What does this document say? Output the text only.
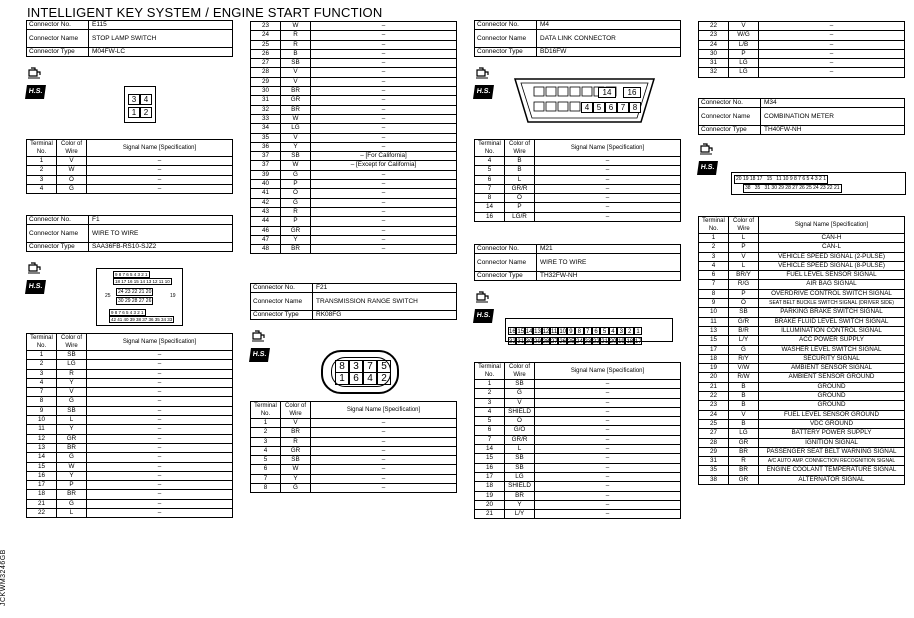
INTELLIGENT KEY SYSTEM / ENGINE START FUNCTION
JCKWM3246GB
Connector No.	E115
Connector Name	STOP LAMP SWITCH
Connector Type	M04FW-LC
H.S.
3 4
1 2
Terminal No.	Color of Wire	Signal Name [Specification]
1	V	–
2	W	–
3	O	–
4	G	–
Connector No.	F1
Connector Name	WIRE TO WIRE
Connector Type	SAA36FB-RS10-SJZ2
H.S.
9 8 7 6 5 4 3 2 1
18 17 16 15 14 13 12 11 10
25
24 23 22 21 20
30 29 28 27 26
19
9 8 7 6 5 4 3 2 1
42 41 40 39 38 37 36 35 34 33
Terminal No.	Color of Wire	Signal Name [Specification]
1	SB	–
2	LG	–
3	R	–
4	Y	–
7	V	–
8	G	–
9	SB	–
10	L	–
11	Y	–
12	GR	–
13	BR	–
14	G	–
15	W	–
16	Y	–
17	P	–
18	BR	–
21	G	–
22	L	–
23	W	–
24	R	–
25	R	–
26	B	–
27	SB	–
28	V	–
29	V	–
30	BR	–
31	GR	–
32	BR	–
33	W	–
34	LG	–
35	V	–
36	Y	–
37	SB	– [For California]
37	W	– [Except for California]
39	G	–
40	P	–
41	O	–
42	G	–
43	R	–
44	P	–
46	GR	–
47	Y	–
48	BR	–
Connector No.	F21
Connector Name	TRANSMISSION RANGE SWITCH
Connector Type	RK08FG
H.S.
8 3 7 5
1 6 4 2
Terminal No.	Color of Wire	Signal Name [Specification]
1	V	–
2	BR	–
3	R	–
4	GR	–
5	SB	–
6	W	–
7	Y	–
8	G	–
Connector No.	M4
Connector Name	DATA LINK CONNECTOR
Connector Type	BD16FW
H.S.	14	16
4 5 6 7 8
Terminal No.	Color of Wire	Signal Name [Specification]
4	B	–
5	B	–
6	L	–
7	GR/R	–
8	O	–
14	P	–
16	LG/R	–
Connector No.	M21
Connector Name	WIRE TO WIRE
Connector Type	TH32FW-NH
H.S.
16 15 14 13 12 11 10 9 8 7 6 5 4 3 2 1
32 31 30 29 28 27 26 25 24 23 22 21 20 19 18 17
Terminal No.	Color of Wire	Signal Name [Specification]
1	SB	–
2	G	–
3	V	–
4	SHIELD	–
5	O	–
6	G/O	–
7	GR/R	–
14	L	–
15	SB	–
16	SB	–
17	LG	–
18	SHIELD	–
19	BR	–
20	Y	–
21	L/Y	–
22	V	–
23	W/G	–
24	L/B	–
30	P	–
31	LG	–
32	LG	–
Connector No.	M34
Connector Name	COMBINATION METER
Connector Type	TH40FW-NH
H.S.
20 19 18 17   15   11 10 9 8 7 6 5 4 3 2 1
38   35   31 30 29 28 27 26 25 24 23 22 21
Terminal No.	Color of Wire	Signal Name [Specification]
1	L	CAN-H
2	P	CAN-L
3	V	VEHICLE SPEED SIGNAL (2-PULSE)
4	L	VEHICLE SPEED SIGNAL (8-PULSE)
6	BR/Y	FUEL LEVEL SENSOR SIGNAL
7	R/G	AIR BAG SIGNAL
8	P	OVERDRIVE CONTROL SWITCH SIGNAL
9	O	SEAT BELT BUCKLE SWITCH SIGNAL (DRIVER SIDE)
10	SB	PARKING BRAKE SWITCH SIGNAL
11	G/R	BRAKE FLUID LEVEL SWITCH SIGNAL
13	B/R	ILLUMINATION CONTROL SIGNAL
15	L/Y	ACC POWER SUPPLY
17	G	WASHER LEVEL SWITCH SIGNAL
18	R/Y	SECURITY SIGNAL
19	V/W	AMBIENT SENSOR SIGNAL
20	R/W	AMBIENT SENSOR GROUND
21	B	GROUND
22	B	GROUND
23	B	GROUND
24	V	FUEL LEVEL SENSOR GROUND
25	B	VDC GROUND
27	LG	BATTERY POWER SUPPLY
28	GR	IGNITION SIGNAL
29	BR	PASSENGER SEAT BELT WARNING SIGNAL
31	R	A/C AUTO AMP. CONNECTION RECOGNITION SIGNAL
35	BR	ENGINE COOLANT TEMPERATURE SIGNAL
38	GR	ALTERNATOR SIGNAL
